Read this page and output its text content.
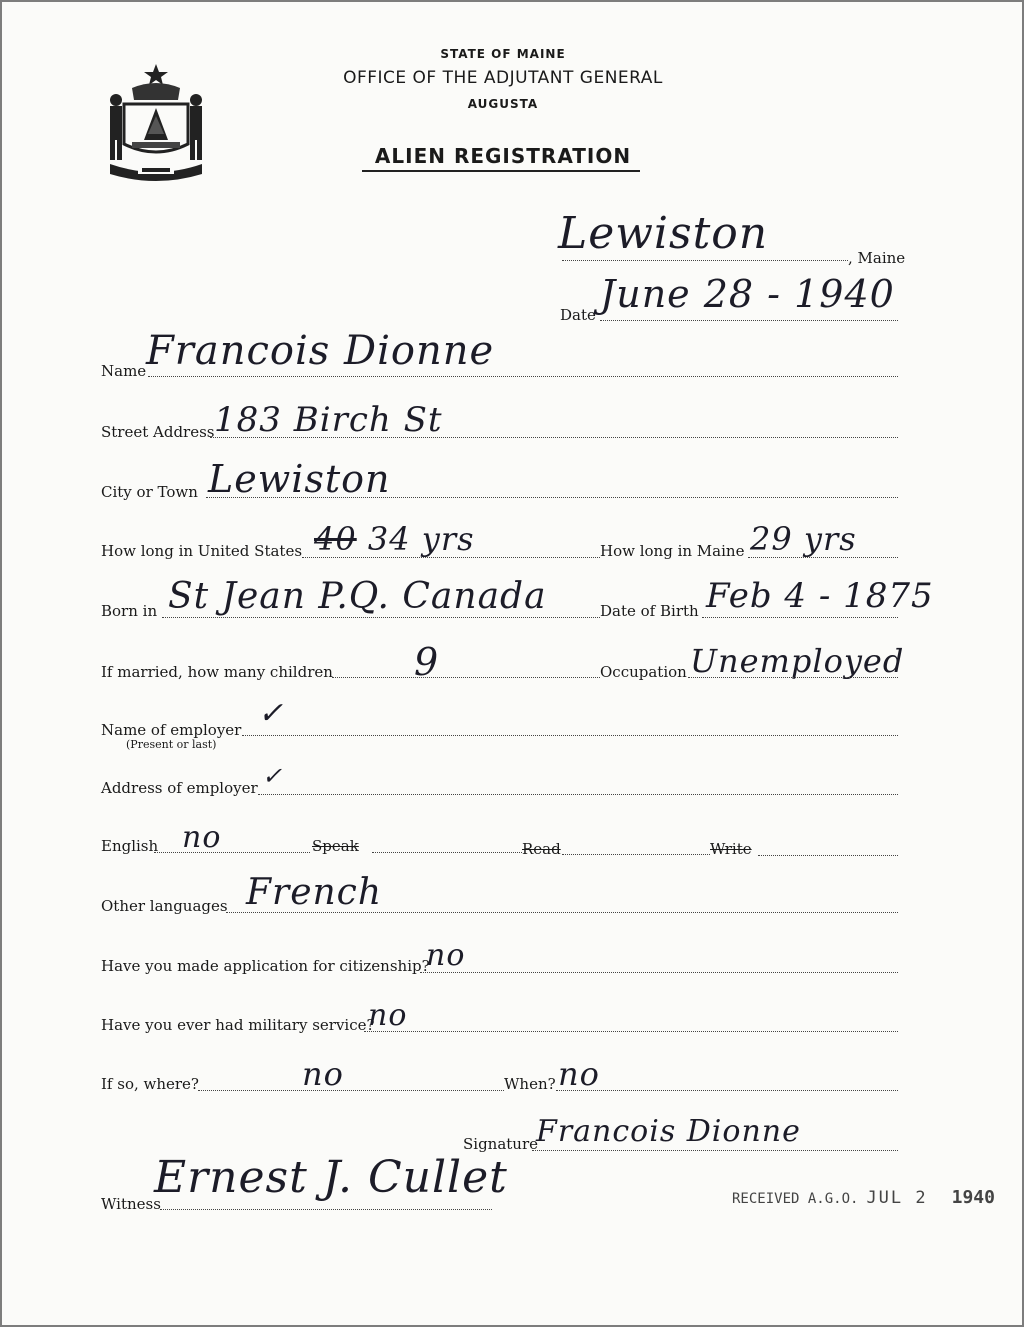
STATE OF MAINE
OFFICE OF THE ADJUTANT GENERAL
AUGUSTA
ALIEN REGISTRATION
Lewiston	, Maine
Date June 28 - 1940
Name Francois Dionne
Street Address 183 Birch St
City or Town Lewiston
How long in United States 40 34 yrs	How long in Maine 29 yrs
Born in St Jean P.Q. Canada	Date of Birth Feb 4 - 1875
If married, how many children 9	Occupation Unemployed
Name of employer
(Present or last)
✓
Address of employer ✓
English no	Speak	Read	Write
Other languages French
Have you made application for citizenship?
no
Have you ever had military service?
no
If so, where?	no	When? no
Signature
Francois Dionne
Witness
Ernest J. Cullet	RECEIVED A.G.O. JUL 2 1940
